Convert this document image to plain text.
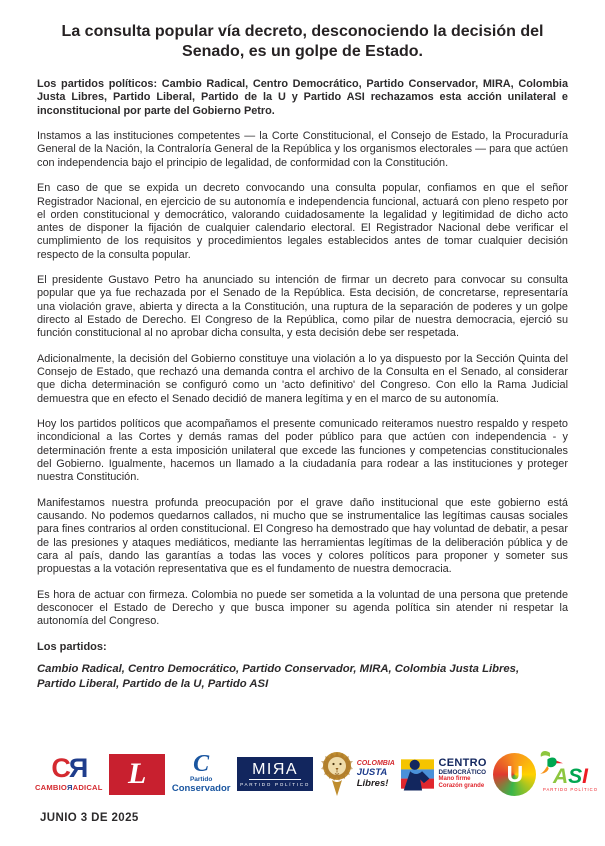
La consulta popular vía decreto, desconociendo la decisión del Senado, es un golpe de Estado.

Los partidos políticos: Cambio Radical, Centro Democrático, Partido Conservador, MIRA, Colombia Justa Libres, Partido Liberal, Partido de la U y Partido ASI rechazamos esta acción unilateral e inconstitucional por parte del Gobierno Petro.

Instamos a las instituciones competentes — la Corte Constitucional, el Consejo de Estado, la Procuraduría General de la Nación, la Contraloría General de la República y los organismos electorales — para que actúen con independencia bajo el principio de legalidad, de conformidad con la Constitución.

En caso de que se expida un decreto convocando una consulta popular, confiamos en que el señor Registrador Nacional, en ejercicio de su autonomía e independencia funcional, actuará con pleno respeto por el orden constitucional y democrático, valorando cuidadosamente la legalidad y legitimidad de dicho acto antes de disponer la fijación de cualquier calendario electoral. El Registrador Nacional debe verificar el cumplimiento de los requisitos y procedimientos legales establecidos antes de tomar cualquier decisión respecto de la consulta popular.

El presidente Gustavo Petro ha anunciado su intención de firmar un decreto para convocar su consulta popular que ya fue rechazada por el Senado de la República. Esta decisión, de concretarse, representaría una violación grave, abierta y directa a la Constitución, una ruptura de la separación de poderes y un golpe directo al Estado de Derecho. El Congreso de la República, como pilar de nuestra democracia, ejerció su función constitucional al no aprobar dicha consulta, y esta decisión debe ser respetada.

Adicionalmente, la decisión del Gobierno constituye una violación a lo ya dispuesto por la Sección Quinta del Consejo de Estado, que rechazó una demanda contra el archivo de la Consulta en el Senado, al considerar que dicha determinación se configuró como un 'acto definitivo' del Congreso. Con ello la Rama Judicial demuestra que en efecto el Senado decidió de manera legítima y en el marco de su autonomía.

Hoy los partidos políticos que acompañamos el presente comunicado reiteramos nuestro respaldo y respeto incondicional a las Cortes y demás ramas del poder público para que actúen con independencia - y determinación frente a esta imposición unilateral que excede las funciones y competencias constitucionales del Gobierno. Igualmente, hacemos un llamado a la ciudadanía para rodear a las instituciones y proteger nuestra Constitución.

Manifestamos nuestra profunda preocupación por el grave daño institucional que este gobierno está causando. No podemos quedarnos callados, ni mucho que se instrumentalice las legítimas causas sociales para fines contrarios al orden constitucional. El Congreso ha demostrado que hay voluntad de debatir, a pesar de las presiones y ataques mediáticos, mediante las herramientas legítimas de la deliberación pública y de cara al país, dando las garantías a todas las voces y colores políticos para proponer y someter sus propuestas a la votación representativa que es el fundamento de nuestra democracia.

Es hora de actuar con firmeza. Colombia no puede ser sometida a la voluntad de una persona que pretende desconocer el Estado de Derecho y que busca imponer su agenda política sin atender ni respetar la autonomía del Congreso.

Los partidos:

Cambio Radical, Centro Democrático, Partido Conservador, MIRA, Colombia Justa Libres, Partido Liberal, Partido de la U, Partido ASI

CЯ
CAMBIOЯADICAL L C
Partido
Conservador
MIЯA
PARTIDO POLÍTICO
COLOMBIA
JUSTA
Libres!
CENTRO
DEMOCRÁTICO
Mano firme
Corazón grande U ASI
PARTIDO POLÍTICO
JUNIO 3 DE 2025
